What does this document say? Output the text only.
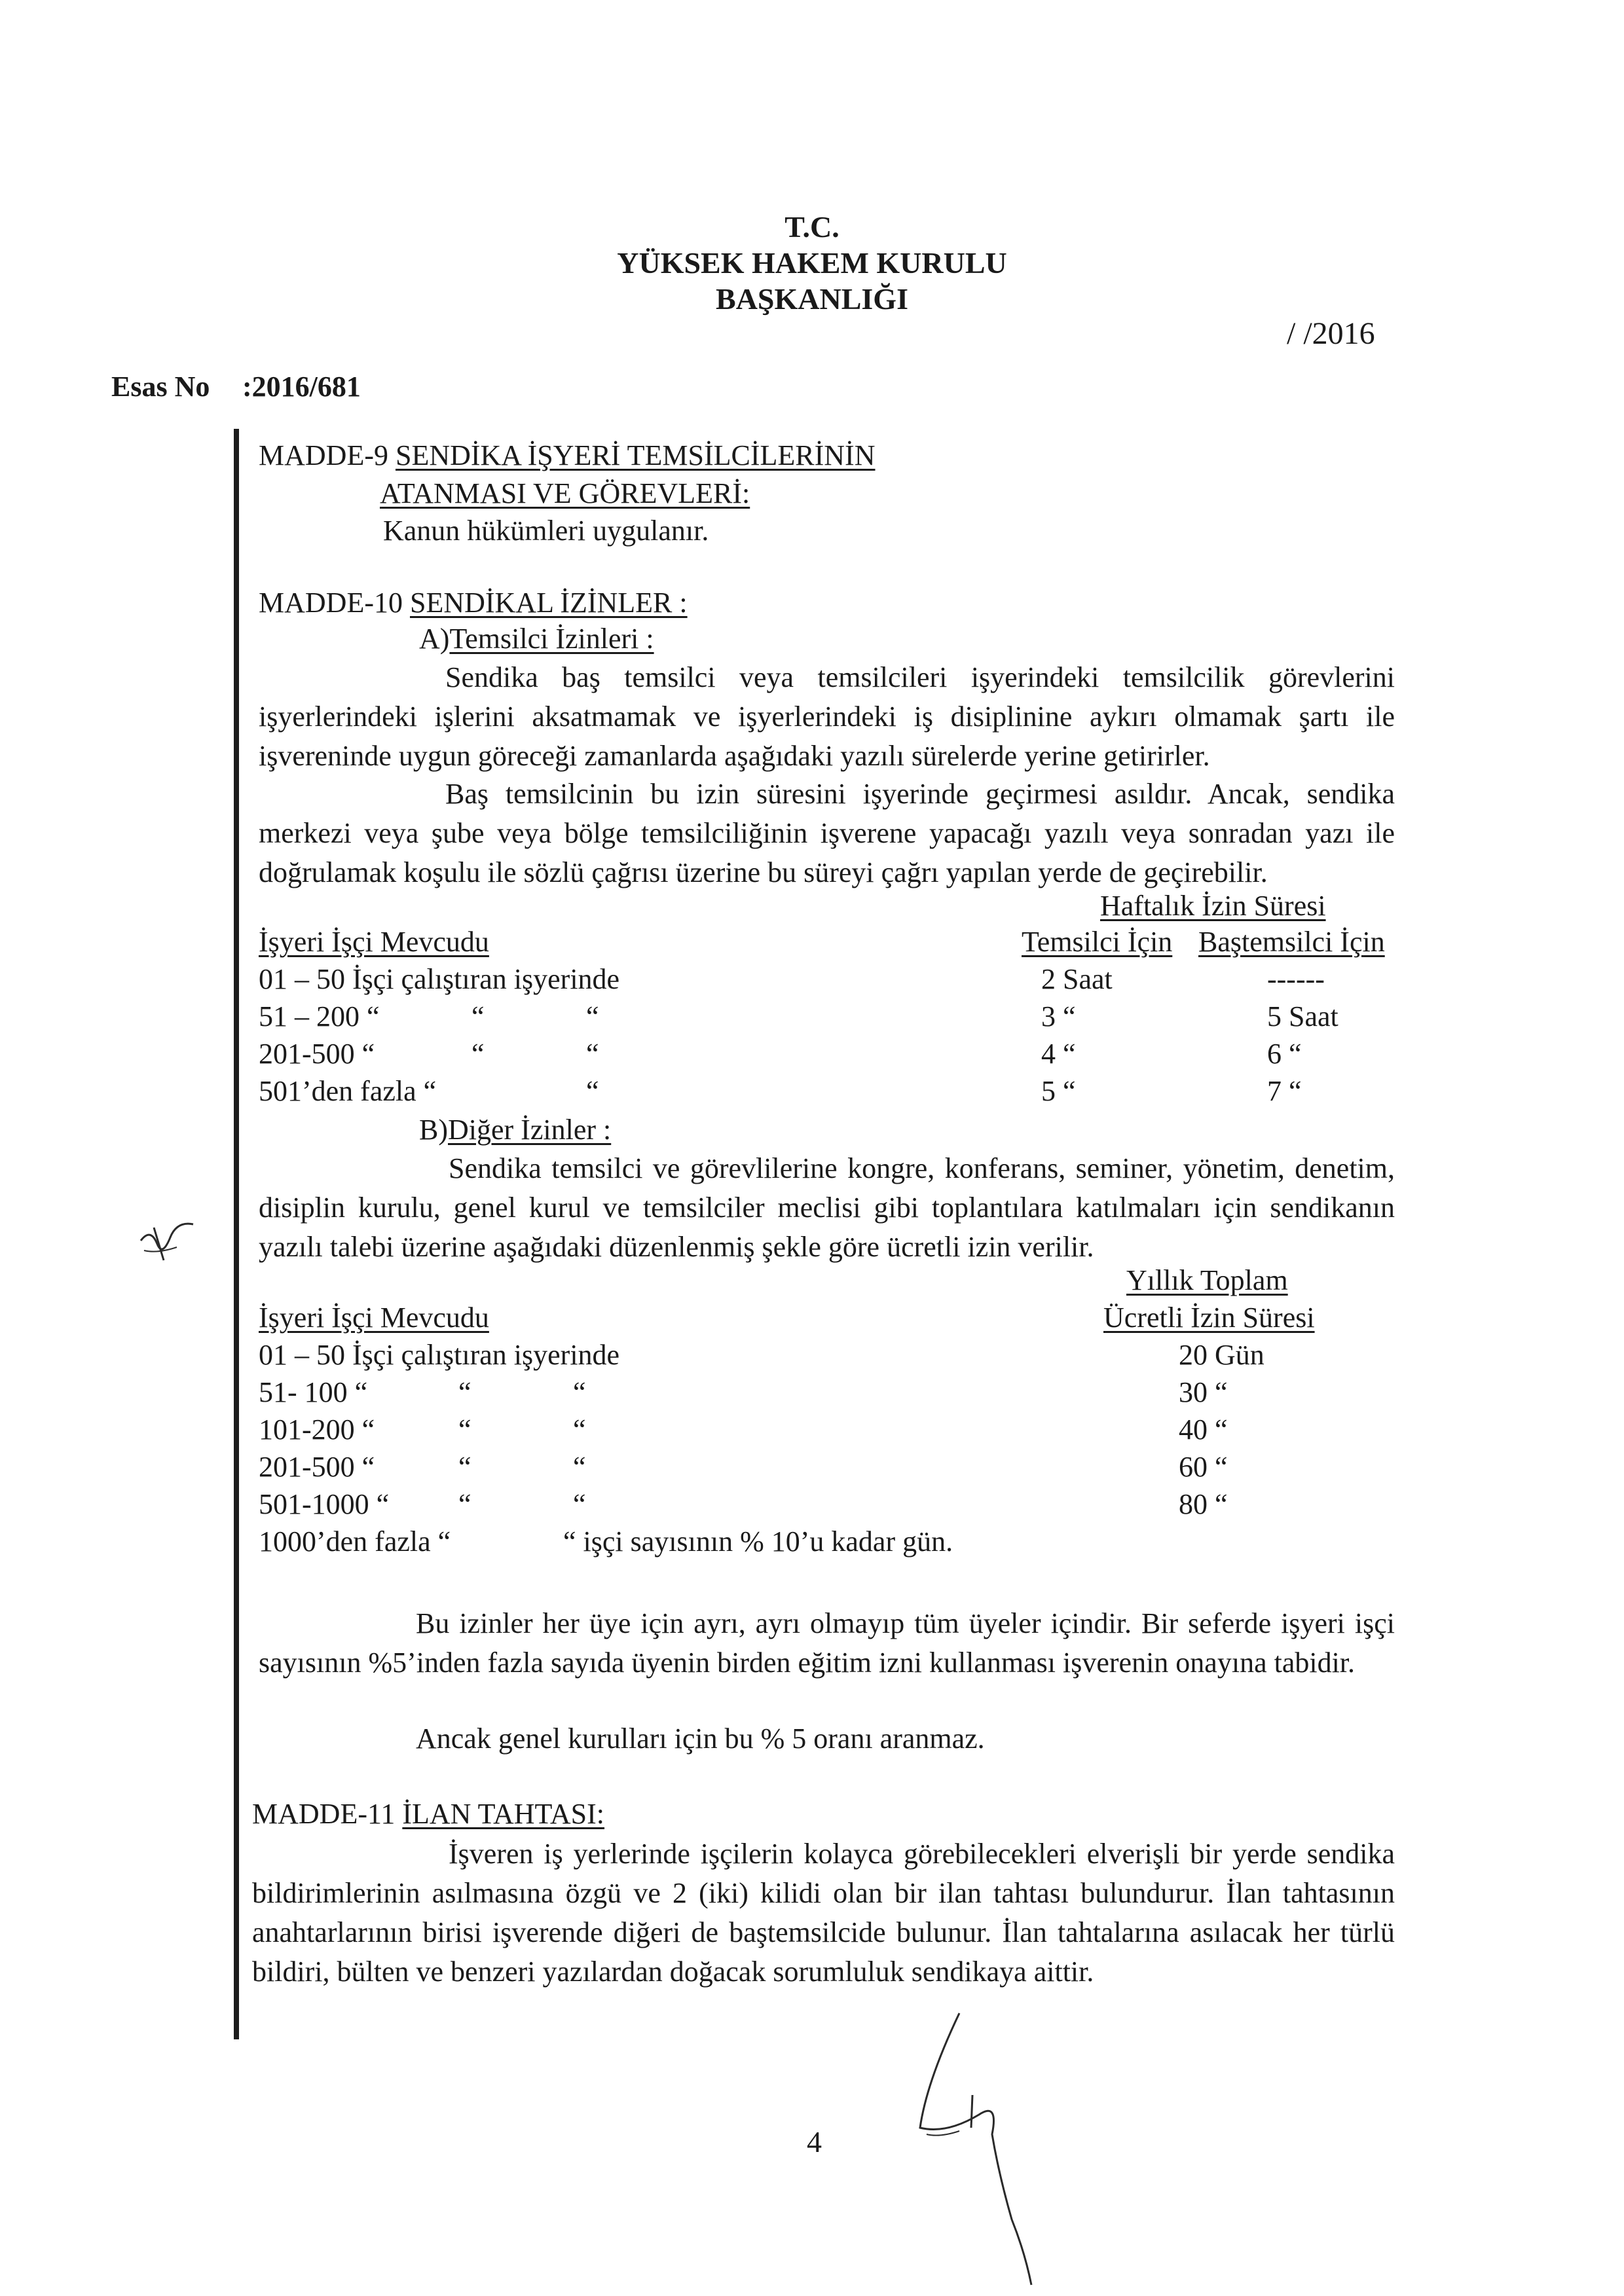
T.C.
YÜKSEK HAKEM KURULU
BAŞKANLIĞI
/ /2016
Esas No :2016/681
MADDE-9 SENDİKA İŞYERİ TEMSİLCİLERİNİN
ATANMASI VE GÖREVLERİ:
Kanun hükümleri uygulanır.
MADDE-10 SENDİKAL İZİNLER :
A)Temsilci İzinleri :
Sendika baş temsilci veya temsilcileri işyerindeki temsilcilik görevlerini işyerlerindeki işlerini aksatmamak ve işyerlerindeki iş disiplinine aykırı olmamak şartı ile işvereninde uygun göreceği zamanlarda aşağıdaki yazılı sürelerde yerine getirirler.
Baş temsilcinin bu izin süresini işyerinde geçirmesi asıldır. Ancak, sendika merkezi veya şube veya bölge temsilciliğinin işverene yapacağı yazılı veya sonradan yazı ile doğrulamak koşulu ile sözlü çağrısı üzerine bu süreyi çağrı yapılan yerde de geçirebilir.
Haftalık İzin Süresi
İşyeri İşçi Mevcudu	Temsilci İçin Baştemsilci İçin
01 – 50 İşçi çalıştıran işyerinde	2 Saat	------
51 – 200 “	“	“	3 “	5 Saat
201-500 “	“	“	4 “	6 “
501’den fazla “	“	5 “	7 “
B)Diğer İzinler :
Sendika temsilci ve görevlilerine kongre, konferans, seminer, yönetim, denetim, disiplin kurulu, genel kurul ve temsilciler meclisi gibi toplantılara katılmaları için sendikanın yazılı talebi üzerine aşağıdaki düzenlenmiş şekle göre ücretli izin verilir.
Yıllık Toplam
Ücretli İzin Süresi
İşyeri İşçi Mevcudu
01 – 50 İşçi çalıştıran işyerinde	20 Gün
51- 100 “	“	“	30 “
101-200 “	“	“	40 “
201-500 “	“	“	60 “
501-1000 “ “	“	80 “
1000’den fazla “	“ işçi sayısının % 10’u kadar gün.
Bu izinler her üye için ayrı, ayrı olmayıp tüm üyeler içindir. Bir seferde işyeri işçi sayısının %5’inden fazla sayıda üyenin birden eğitim izni kullanması işverenin onayına tabidir.
Ancak genel kurulları için bu % 5 oranı aranmaz.
MADDE-11 İLAN TAHTASI:
İşveren iş yerlerinde işçilerin kolayca görebilecekleri elverişli bir yerde sendika bildirimlerinin asılmasına özgü ve 2 (iki) kilidi olan bir ilan tahtası bulundurur. İlan tahtasının anahtarlarının birisi işverende diğeri de baştemsilcide bulunur. İlan tahtalarına asılacak her türlü bildiri, bülten ve benzeri yazılardan doğacak sorumluluk sendikaya aittir.
4
